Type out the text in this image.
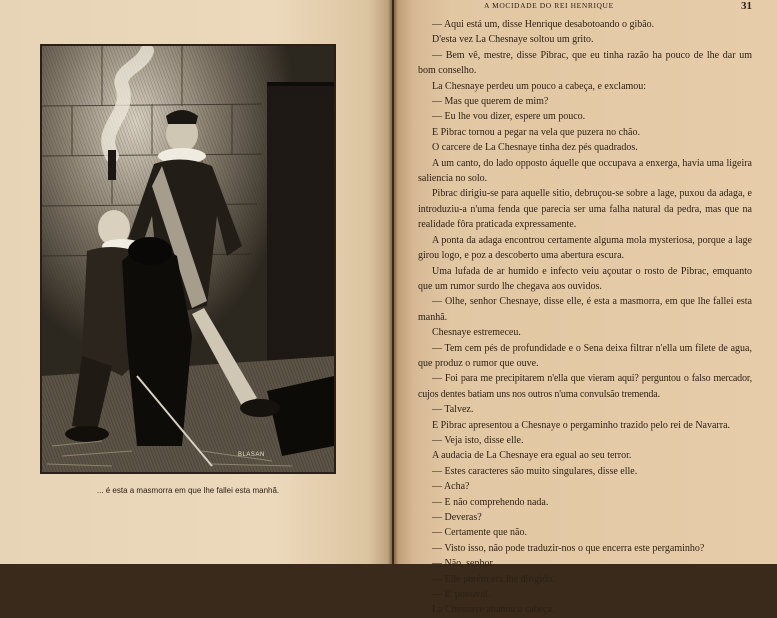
BLASAN
... é esta a masmorra em que lhe fallei esta manhã.
A MOCIDADE DO REI HENRIQUE	31

— Aqui está um, disse Henrique desabotoando o gibão.

D'esta vez La Chesnaye soltou um grito.

— Bem vê, mestre, disse Pibrac, que eu tinha razão ha pouco de lhe dar um bom conselho.

La Chesnaye perdeu um pouco a cabeça, e exclamou:

— Mas que querem de mim?

— Eu lhe vou dizer, espere um pouco.

E Pibrac tornou a pegar na vela que puzera no chão.

O carcere de La Chesnaye tinha dez pés quadrados.

A um canto, do lado opposto áquelle que occupava a enxerga, havia uma ligeira saliencia no solo.

Pibrac dirigiu-se para aquelle sitio, debruçou-se sobre a lage, puxou da adaga, e introduziu-a n'uma fenda que parecia ser uma falha natural da pedra, mas que na realidade fôra praticada expressamente.

A ponta da adaga encontrou certamente alguma mola mysteriosa, porque a lage girou logo, e poz a descoberto uma abertura escura.

Uma lufada de ar humido e infecto veiu açoutar o rosto de Pibrac, emquanto que um rumor surdo lhe chegava aos ouvidos.

— Olhe, senhor Chesnaye, disse elle, é esta a masmorra, em que lhe fallei esta manhã.

Chesnaye estremeceu.

— Tem cem pés de profundidade e o Sena deixa filtrar n'ella um filete de agua, que produz o rumor que ouve.

— Foi para me precipitarem n'ella que vieram aqui? perguntou o falso mercador, cujos dentes batiam uns nos outros n'uma convulsão tremenda.

— Talvez.

E Pibrac apresentou a Chesnaye o pergaminho trazido pelo rei de Navarra.

— Veja isto, disse elle.

A audacia de La Chesnaye era egual ao seu terror.

— Estes caracteres são muito singulares, disse elle.

— Acha?

— E não comprehendo nada.

— Deveras?

— Certamente que não.

— Visto isso, não pode traduzir-nos o que encerra este pergaminho?

— Não, senhor.

— Elle porém era lhe dirigido.

— E' possivel.

La Chesnaye abanou a cabeça.
